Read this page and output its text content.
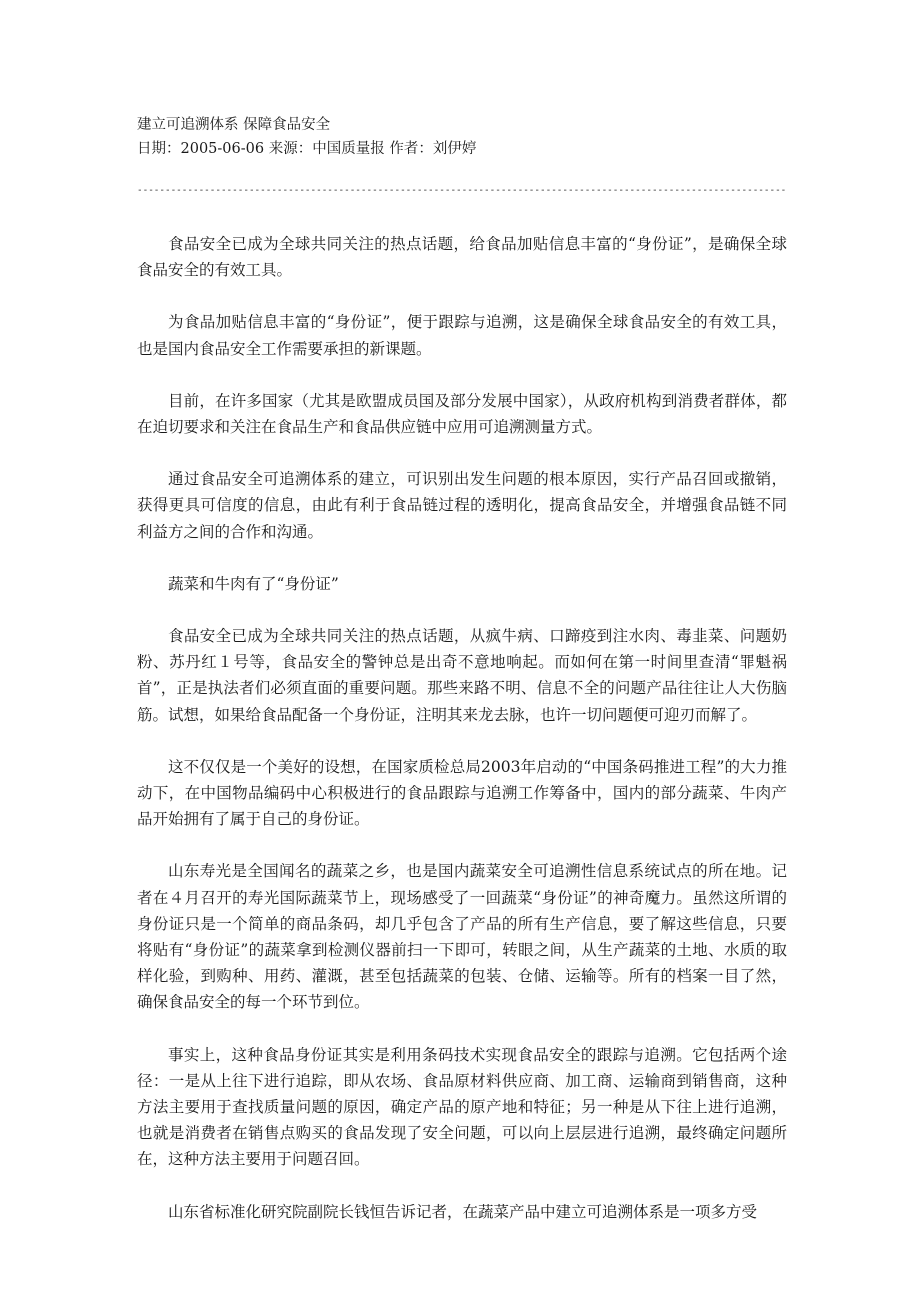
建立可追溯体系 保障食品安全

日期：2005-06-06 来源：中国质量报 作者：刘伊婷

--------------------------------------------------------------------------------------------------------------------

食品安全已成为全球共同关注的热点话题，给食品加贴信息丰富的“身份证”，是确保全球食品安全的有效工具。

为食品加贴信息丰富的“身份证”，便于跟踪与追溯，这是确保全球食品安全的有效工具，也是国内食品安全工作需要承担的新课题。

目前，在许多国家（尤其是欧盟成员国及部分发展中国家），从政府机构到消费者群体，都在迫切要求和关注在食品生产和食品供应链中应用可追溯测量方式。

通过食品安全可追溯体系的建立，可识别出发生问题的根本原因，实行产品召回或撤销，获得更具可信度的信息，由此有利于食品链过程的透明化，提高食品安全，并增强食品链不同利益方之间的合作和沟通。

蔬菜和牛肉有了“身份证”

食品安全已成为全球共同关注的热点话题，从疯牛病、口蹄疫到注水肉、毒韭菜、问题奶粉、苏丹红１号等，食品安全的警钟总是出奇不意地响起。而如何在第一时间里查清“罪魁祸首”，正是执法者们必须直面的重要问题。那些来路不明、信息不全的问题产品往往让人大伤脑筋。试想，如果给食品配备一个身份证，注明其来龙去脉，也许一切问题便可迎刃而解了。

这不仅仅是一个美好的设想，在国家质检总局2003年启动的“中国条码推进工程”的大力推动下，在中国物品编码中心积极进行的食品跟踪与追溯工作筹备中，国内的部分蔬菜、牛肉产品开始拥有了属于自己的身份证。

山东寿光是全国闻名的蔬菜之乡，也是国内蔬菜安全可追溯性信息系统试点的所在地。记者在４月召开的寿光国际蔬菜节上，现场感受了一回蔬菜“身份证”的神奇魔力。虽然这所谓的身份证只是一个简单的商品条码，却几乎包含了产品的所有生产信息，要了解这些信息，只要将贴有“身份证”的蔬菜拿到检测仪器前扫一下即可，转眼之间，从生产蔬菜的土地、水质的取样化验，到购种、用药、灌溉，甚至包括蔬菜的包装、仓储、运输等。所有的档案一目了然，确保食品安全的每一个环节到位。

事实上，这种食品身份证其实是利用条码技术实现食品安全的跟踪与追溯。它包括两个途径：一是从上往下进行追踪，即从农场、食品原材料供应商、加工商、运输商到销售商，这种方法主要用于查找质量问题的原因，确定产品的原产地和特征；另一种是从下往上进行追溯，也就是消费者在销售点购买的食品发现了安全问题，可以向上层层进行追溯，最终确定问题所在，这种方法主要用于问题召回。

山东省标准化研究院副院长钱恒告诉记者，在蔬菜产品中建立可追溯体系是一项多方受
